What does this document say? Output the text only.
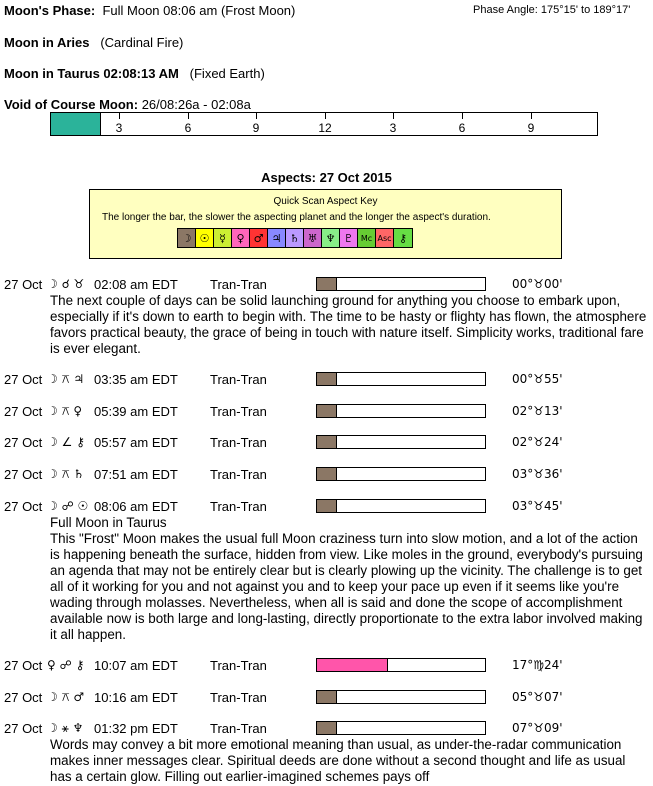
Moon's Phase: Full Moon 08:06 am (Frost Moon)	Phase Angle: 175°15' to 189°17'
Moon in Aries (Cardinal Fire)
Moon in Taurus 02:08:13 AM (Fixed Earth)
Void of Course Moon: 26/08:26a - 02:08a
3	6	9	12	3	6	9
Aspects: 27 Oct 2015
Quick Scan Aspect Key
The longer the bar, the slower the aspecting planet and the longer the aspect's duration.
☽ ☉ ☿ ♀ ♂ ♃ ♄ ♅ ♆ ♇ Mc Asc ⚷
27 Oct ☽ ☌ ♉ 02:08 am EDT Tran-Tran	00°♉00'
The next couple of days can be solid launching ground for anything you choose to embark upon, especially if it's down to earth to begin with. The time to be hasty or flighty has flown, the atmosphere favors practical beauty, the grace of being in touch with nature itself. Simplicity works, traditional fare is ever elegant.
27 Oct ☽ ⚻ ♃ 03:35 am EDT Tran-Tran	00°♉55'
27 Oct ☽ ⚻ ♀ 05:39 am EDT Tran-Tran	02°♉13'
27 Oct ☽ ∠ ⚷ 05:57 am EDT Tran-Tran	02°♉24'
27 Oct ☽ ⚻ ♄ 07:51 am EDT Tran-Tran	03°♉36'
27 Oct ☽ ☍ ☉ 08:06 am EDT Tran-Tran	03°♉45'
Full Moon in Taurus
This "Frost" Moon makes the usual full Moon craziness turn into slow motion, and a lot of the action is happening beneath the surface, hidden from view. Like moles in the ground, everybody's pursuing an agenda that may not be entirely clear but is clearly plowing up the vicinity. The challenge is to get all of it working for you and not against you and to keep your pace up even if it seems like you're wading through molasses. Nevertheless, when all is said and done the scope of accomplishment available now is both large and long-lasting, directly proportionate to the extra labor involved making it all happen.
27 Oct ♀ ☍ ⚷ 10:07 am EDT Tran-Tran	17°♍24'
27 Oct ☽ ⚻ ♂ 10:16 am EDT Tran-Tran	05°♉07'
27 Oct ☽ ⚹ ♆ 01:32 pm EDT Tran-Tran	07°♉09'
Words may convey a bit more emotional meaning than usual, as under-the-radar communication makes inner messages clear. Spiritual deeds are done without a second thought and life as usual has a certain glow. Filling out earlier-imagined schemes pays off
